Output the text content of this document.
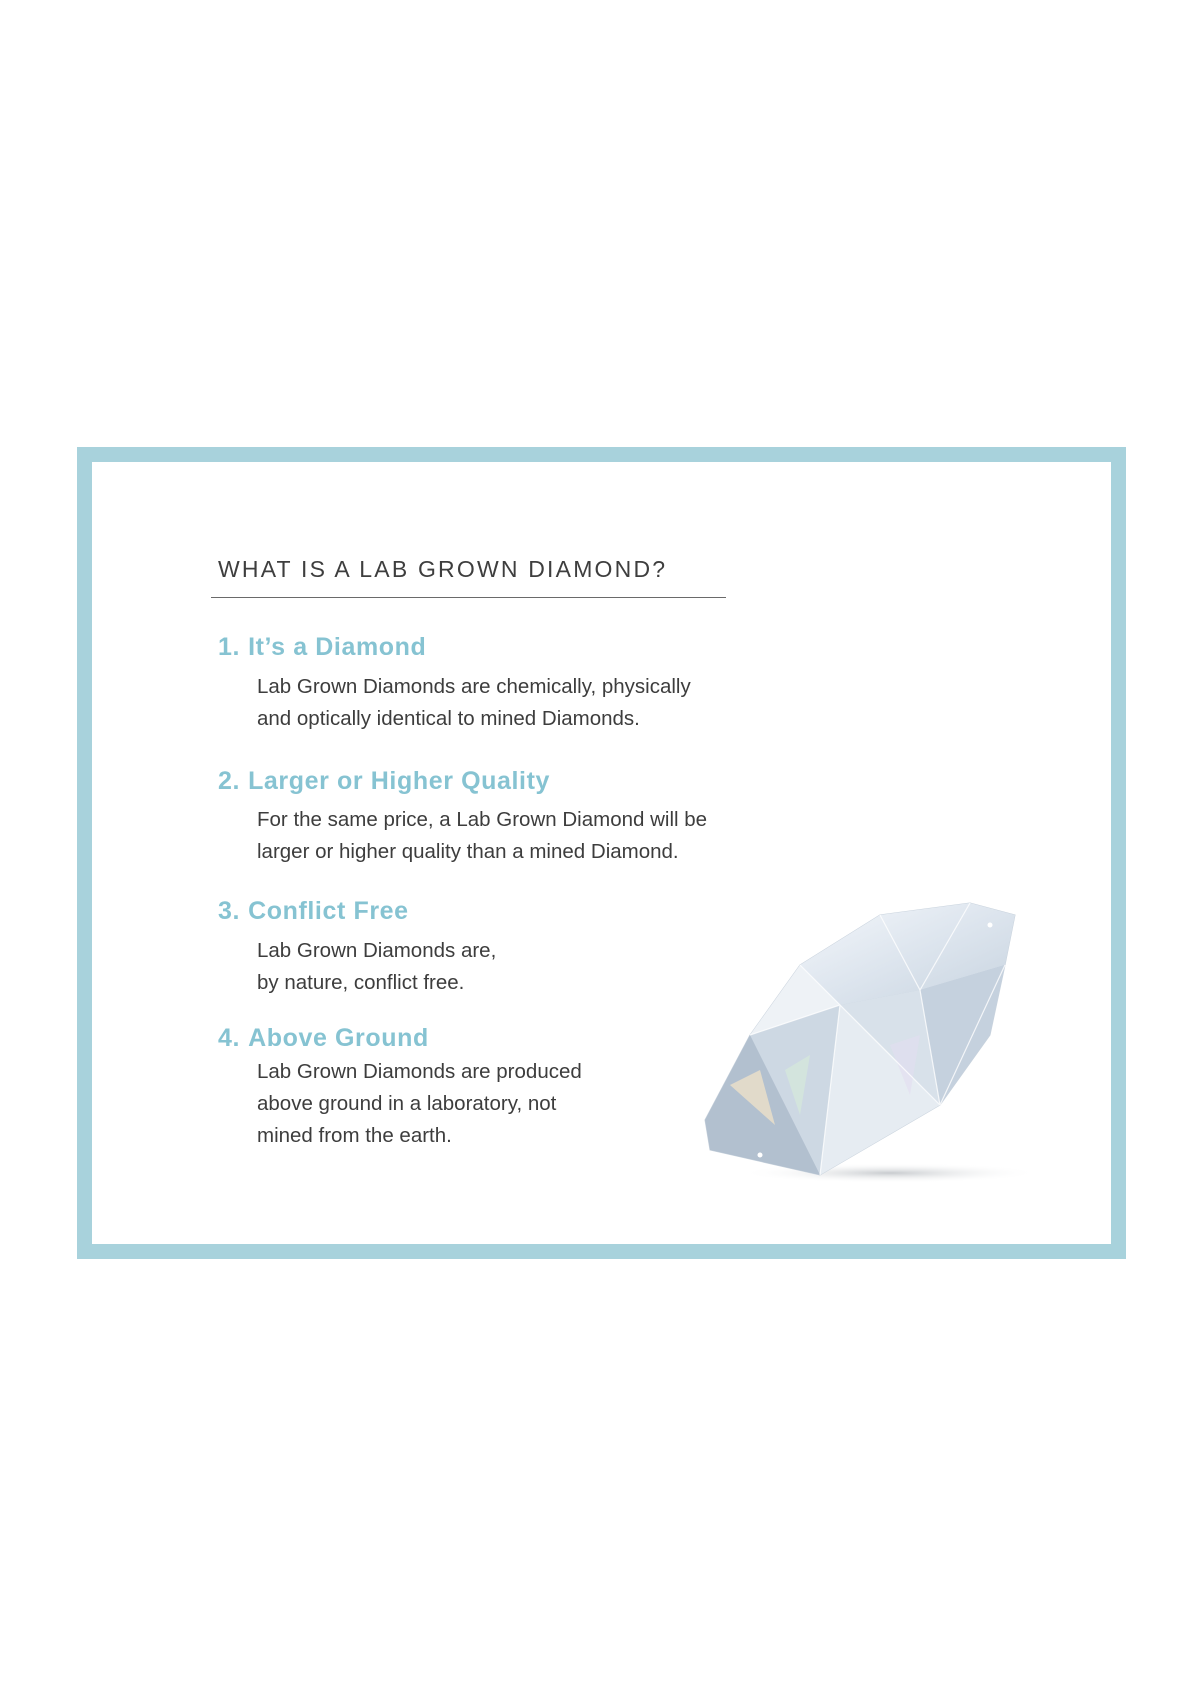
WHAT IS A LAB GROWN DIAMOND?
1. It’s a Diamond

Lab Grown Diamonds are chemically, physically
and optically identical to mined Diamonds.

2. Larger or Higher Quality

For the same price, a Lab Grown Diamond will be
larger or higher quality than a mined Diamond.

3. Conflict Free

Lab Grown Diamonds are,
by nature, conflict free.

4. Above Ground

Lab Grown Diamonds are produced
above ground in a laboratory, not
mined from the earth.
